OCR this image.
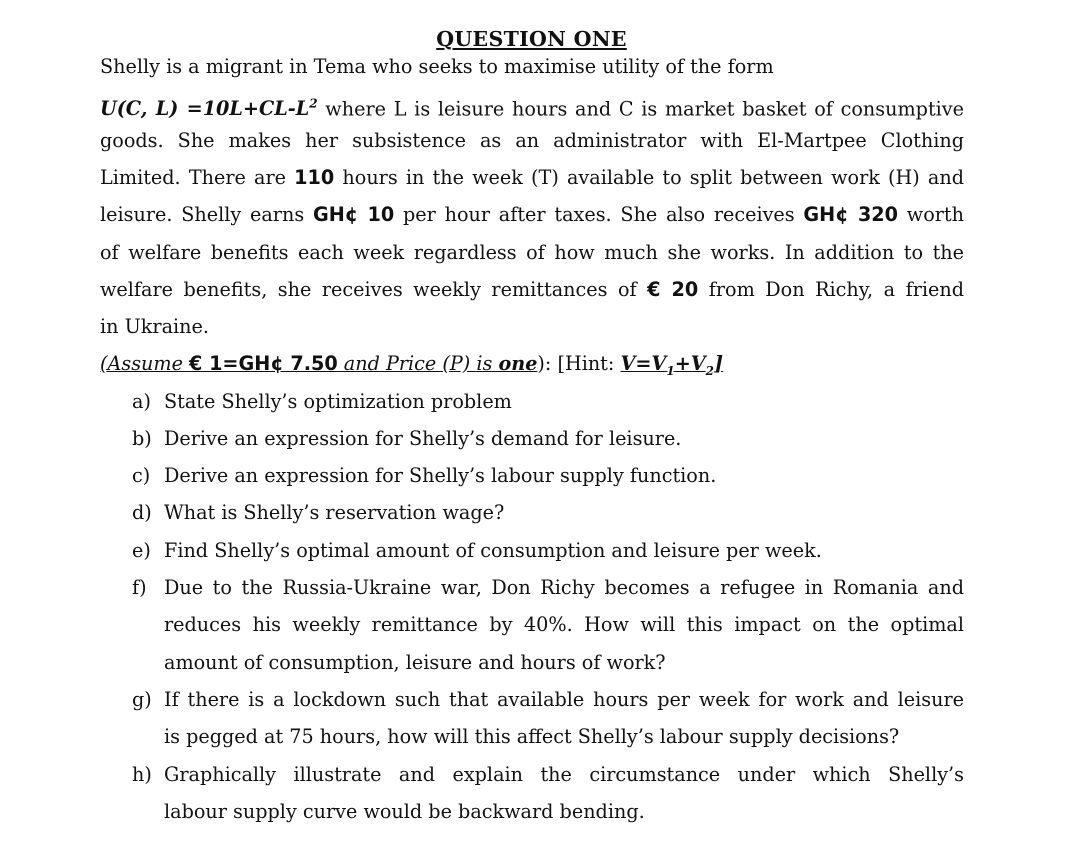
QUESTION ONE
Shelly is a migrant in Tema who seeks to maximise utility of the form
U(C, $L) =10L+CL-L^2$ where L is leisure hours and C is market basket of consumptive
goods. She makes her subsistence as an administrator with El-Martpee Clothing
Limited. There are 110 hours in the week (T) available to split between work (H) and
leisure. Shelly earns GH¢ 10 per hour after taxes. She also receives GH¢ 320 worth
of welfare benefits each week regardless of how much she works. In addition to the
welfare benefits, she receives weekly remittances of € 20 from Don Richy, a friend
in Ukraine.
(Assume € 1=GH¢ 7.50 and Price (P) is one): [Hint: $V=V_1+V_2$]
a) State Shelly’s optimization problem
b) Derive an expression for Shelly’s demand for leisure.
c) Derive an expression for Shelly’s labour supply function.
d) What is Shelly’s reservation wage?
e) Find Shelly’s optimal amount of consumption and leisure per week.
f) Due to the Russia-Ukraine war, Don Richy becomes a refugee in Romania and
reduces his weekly remittance by 40%. How will this impact on the optimal
amount of consumption, leisure and hours of work?
g) If there is a lockdown such that available hours per week for work and leisure
is pegged at 75 hours, how will this affect Shelly’s labour supply decisions?
h) Graphically illustrate and explain the circumstance under which Shelly’s
labour supply curve would be backward bending.
